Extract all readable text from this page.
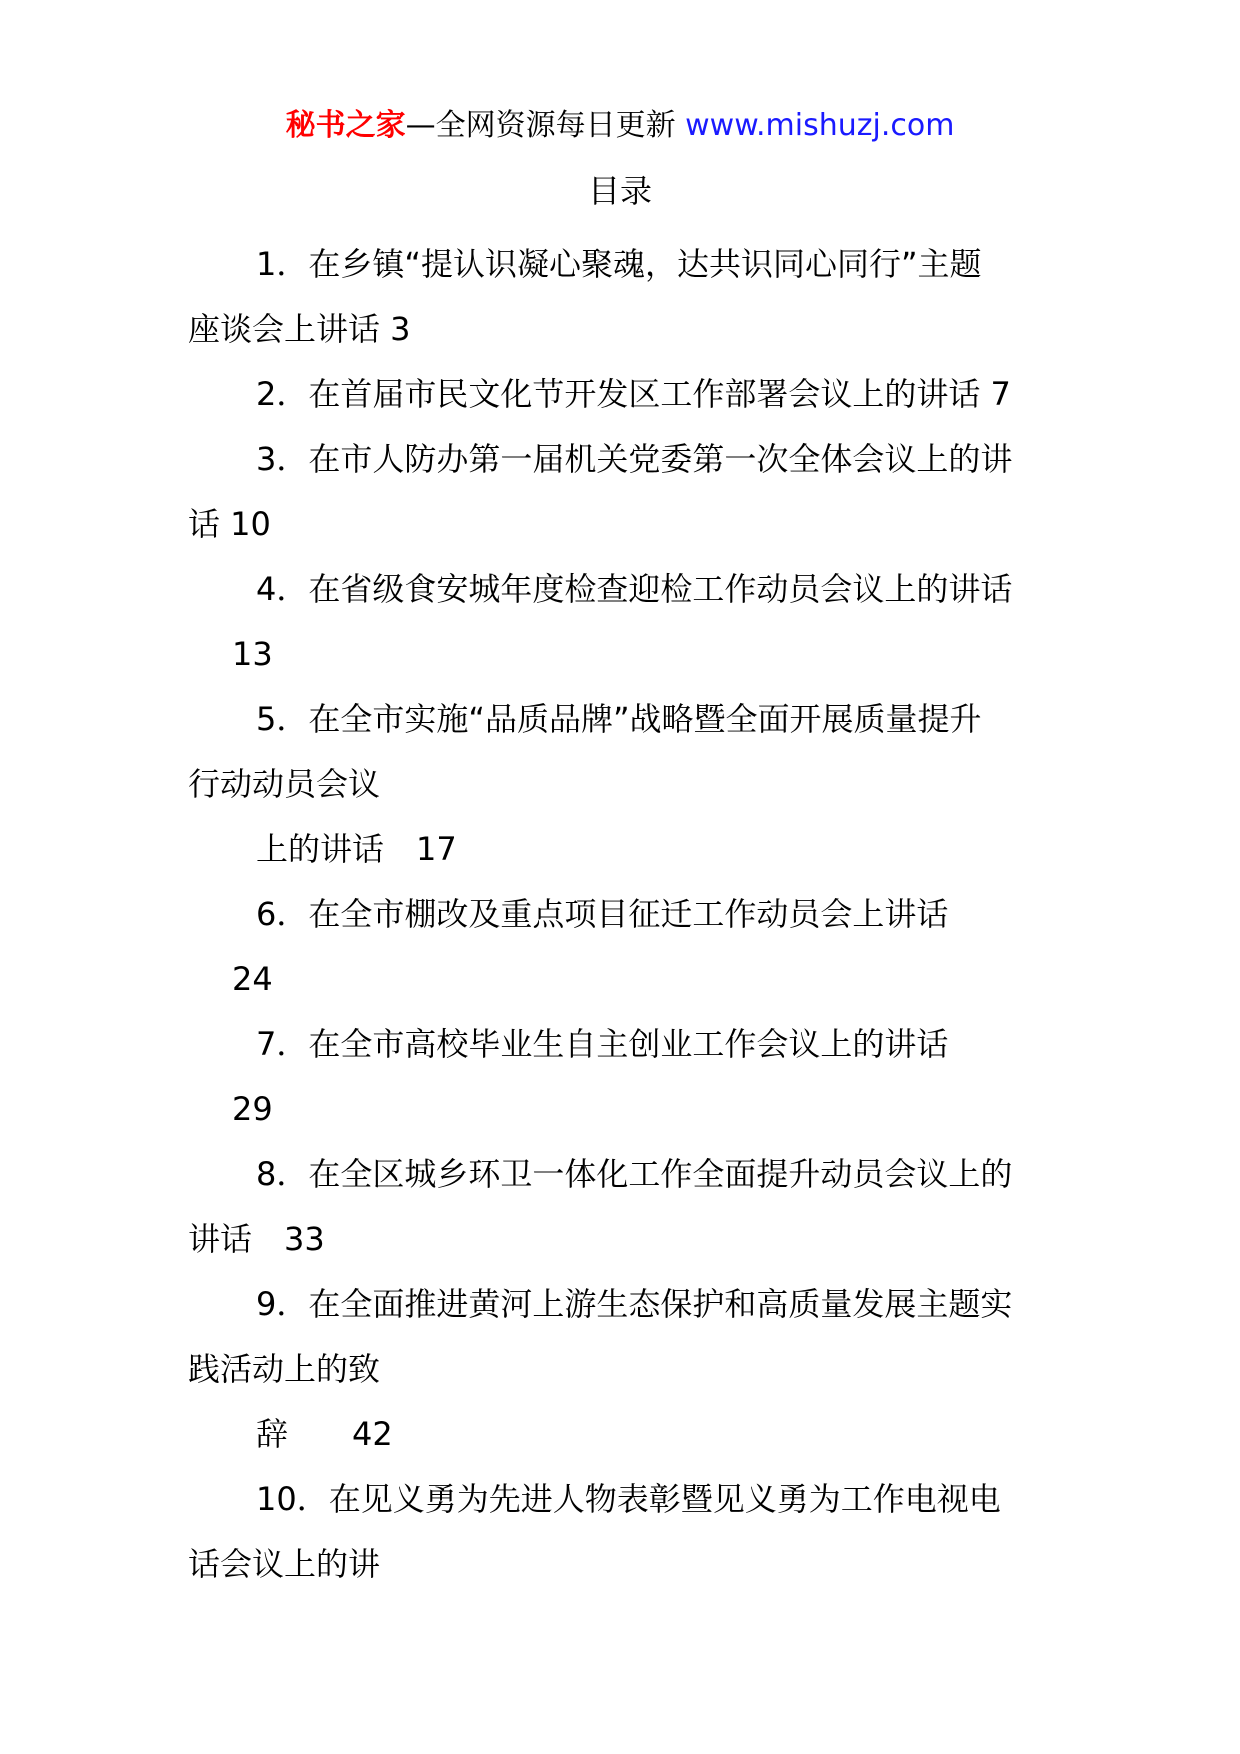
秘书之家—全网资源每日更新 www.mishuzj.com
目录
1．在乡镇“提认识凝心聚魂，达共识同心同行”主题
座谈会上讲话 3
2．在首届市民文化节开发区工作部署会议上的讲话 7
3．在市人防办第一届机关党委第一次全体会议上的讲
话 10
4．在省级食安城年度检查迎检工作动员会议上的讲话
13
5．在全市实施“品质品牌”战略暨全面开展质量提升
行动动员会议
上的讲话　17
6．在全市棚改及重点项目征迁工作动员会上讲话
24
7．在全市高校毕业生自主创业工作会议上的讲话
29
8．在全区城乡环卫一体化工作全面提升动员会议上的
讲话　33
9．在全面推进黄河上游生态保护和高质量发展主题实
践活动上的致
辞　　42
10．在见义勇为先进人物表彰暨见义勇为工作电视电
话会议上的讲
